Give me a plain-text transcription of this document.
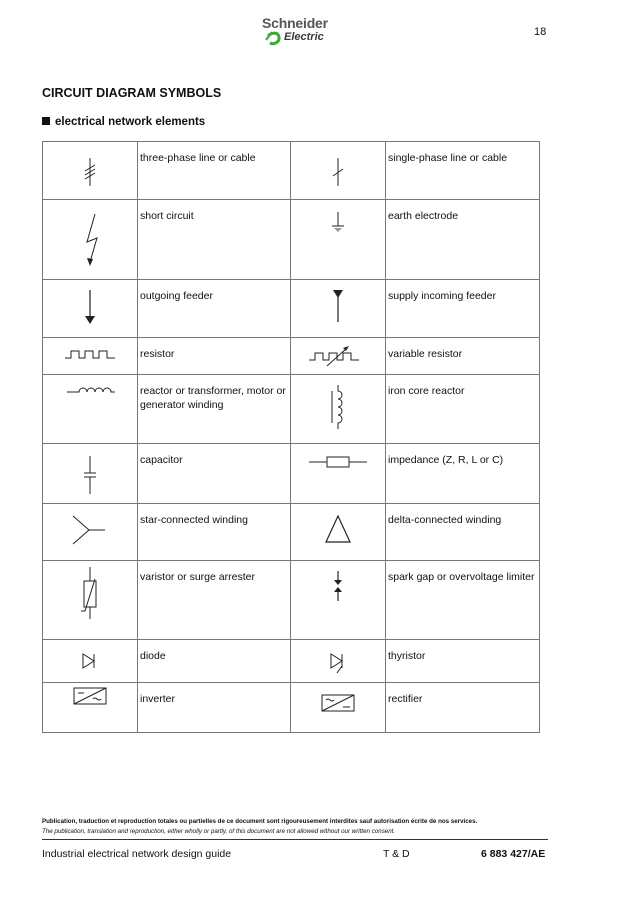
Schneider
Electric	18
CIRCUIT DIAGRAM SYMBOLS
electrical network elements

three-phase line or cable		single-phase line or cable

short circuit		earth electrode

outgoing feeder		supply incoming feeder

resistor		variable resistor

reactor or transformer, motor or generator winding		iron core reactor

capacitor		impedance (Z, R, L or C)

star-connected winding		delta-connected winding

varistor or surge arrester		spark gap or overvoltage limiter

diode		thyristor

inverter		rectifier
Publication, traduction et reproduction totales ou partielles de ce document sont rigoureusement interdites sauf autorisation écrite de nos services.
The publication, translation and reproduction, either wholly or partly, of this document are not allowed without our written consent.
Industrial electrical network design guide	T & D	6 883 427/AE
